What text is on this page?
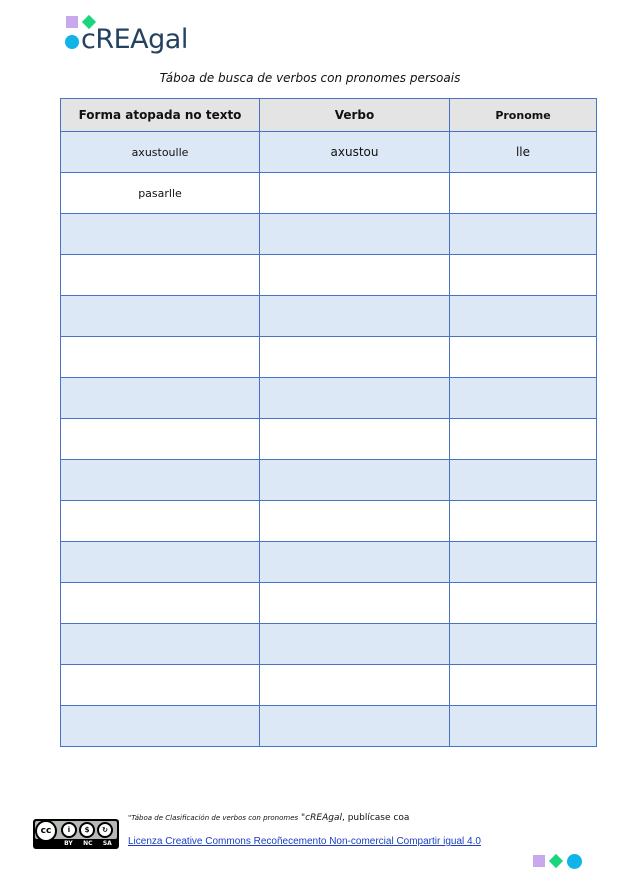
cREAgal
Táboa de busca de verbos con pronomes persoais
Forma atopada no texto	Verbo	Pronome
axustoulle	axustou	lle
pasarlle		

cc	i	$	↻
BY NC SA
"Táboa de Clasificación de verbos con pronomes "cREAgal, publícase coa
Licenza Creative Commons Recoñecemento Non-comercial Compartir igual 4.0
